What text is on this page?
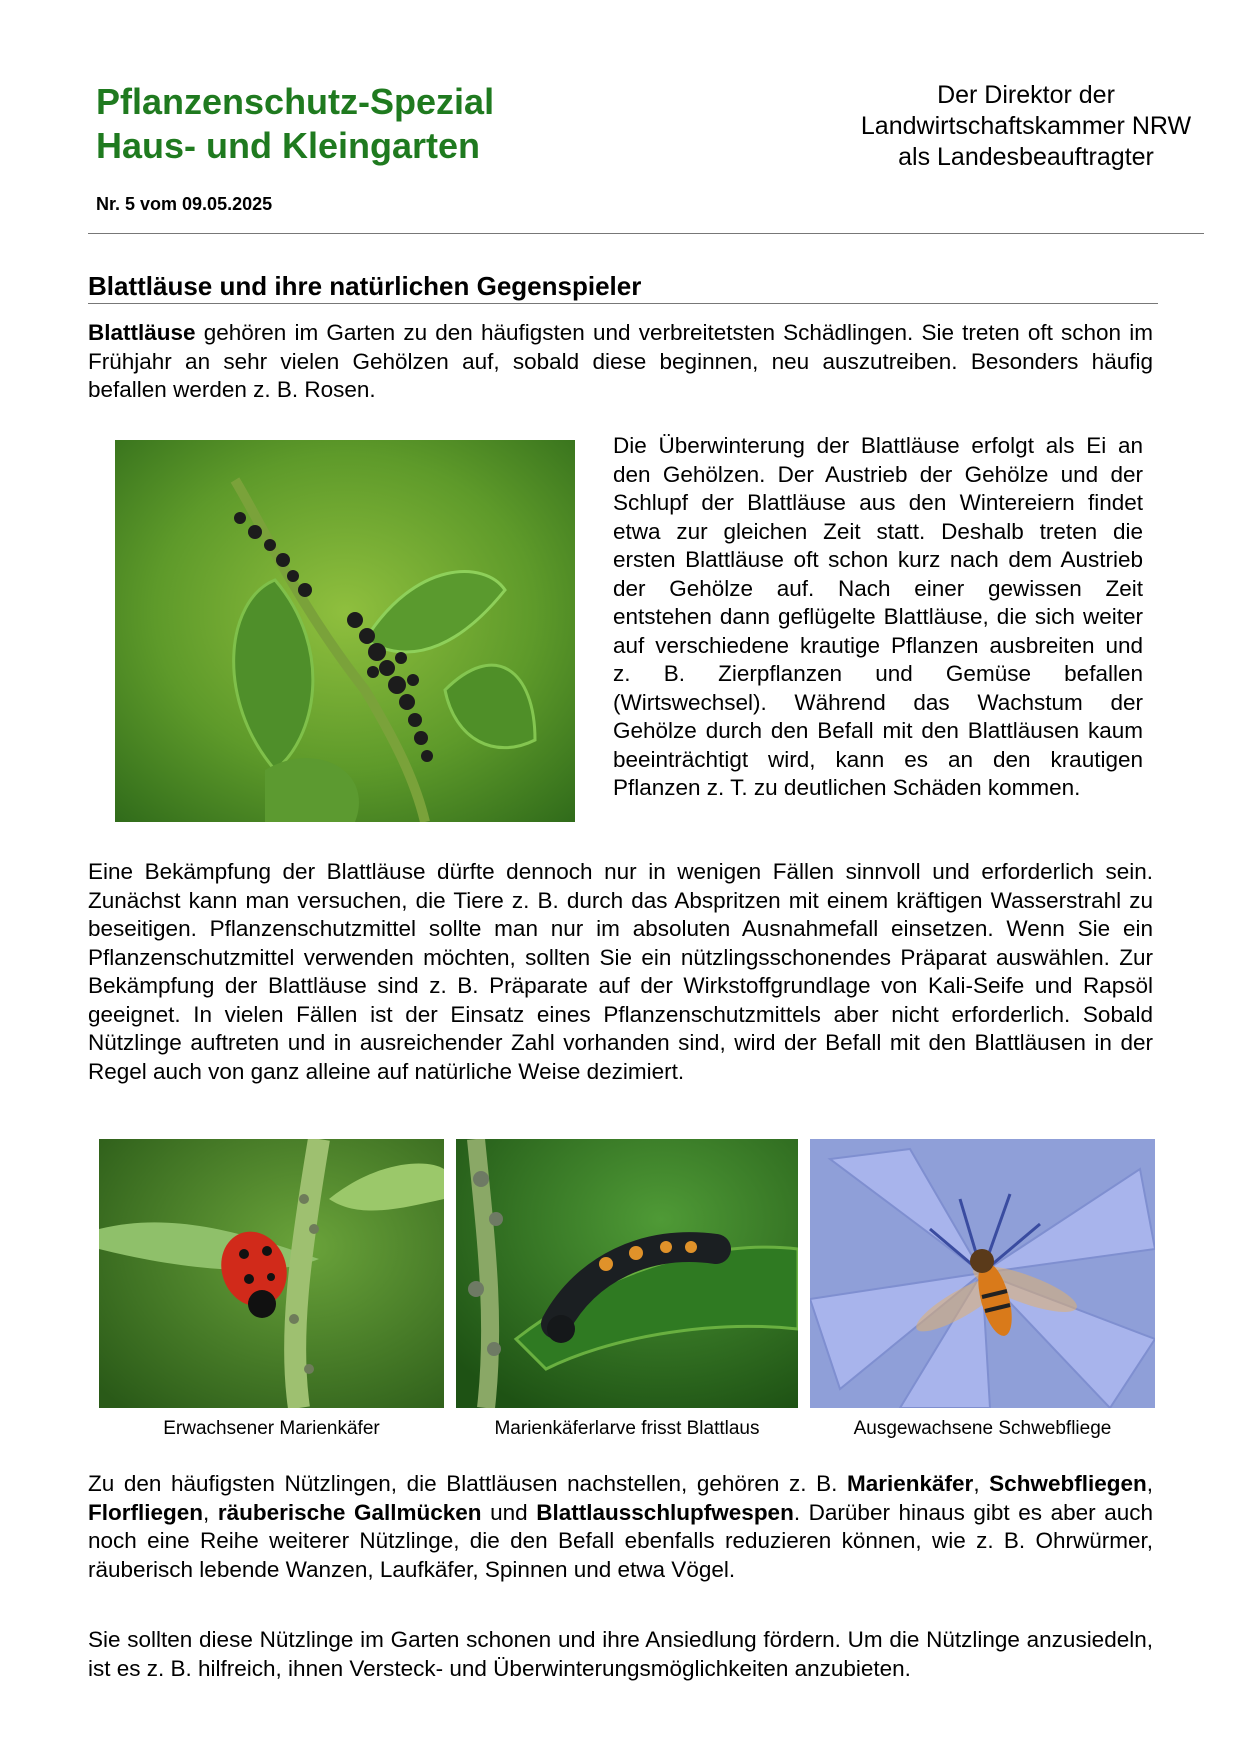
Pflanzenschutz-Spezial
Haus- und Kleingarten
Der Direktor der
Landwirtschaftskammer NRW
als Landesbeauftragter
Nr. 5 vom 09.05.2025
Blattläuse und ihre natürlichen Gegenspieler
Blattläuse gehören im Garten zu den häufigsten und verbreitetsten Schädlingen. Sie treten oft schon im Frühjahr an sehr vielen Gehölzen auf, sobald diese beginnen, neu auszutreiben. Besonders häufig befallen werden z. B. Rosen.
Die Überwinterung der Blattläuse erfolgt als Ei an den Gehölzen. Der Austrieb der Gehölze und der Schlupf der Blattläuse aus den Wintereiern findet etwa zur gleichen Zeit statt. Deshalb treten die ersten Blattläuse oft schon kurz nach dem Austrieb der Gehölze auf. Nach einer gewissen Zeit entstehen dann geflügelte Blattläuse, die sich weiter auf verschiedene krautige Pflanzen ausbreiten und z. B. Zierpflanzen und Gemüse befallen (Wirtswechsel). Während das Wachstum der Gehölze durch den Befall mit den Blattläusen kaum beeinträchtigt wird, kann es an den krautigen Pflanzen z. T. zu deutlichen Schäden kommen.
Eine Bekämpfung der Blattläuse dürfte dennoch nur in wenigen Fällen sinnvoll und erforderlich sein. Zunächst kann man versuchen, die Tiere z. B. durch das Abspritzen mit einem kräftigen Wasserstrahl zu beseitigen. Pflanzenschutzmittel sollte man nur im absoluten Ausnahmefall einsetzen. Wenn Sie ein Pflanzenschutzmittel verwenden möchten, sollten Sie ein nützlingsschonendes Präparat auswählen. Zur Bekämpfung der Blattläuse sind z. B. Präparate auf der Wirkstoffgrundlage von Kali-Seife und Rapsöl geeignet. In vielen Fällen ist der Einsatz eines Pflanzenschutzmittels aber nicht erforderlich. Sobald Nützlinge auftreten und in ausreichender Zahl vorhanden sind, wird der Befall mit den Blattläusen in der Regel auch von ganz alleine auf natürliche Weise dezimiert.
Erwachsener Marienkäfer	Marienkäferlarve frisst Blattlaus	Ausgewachsene Schwebfliege
Zu den häufigsten Nützlingen, die Blattläusen nachstellen, gehören z. B. Marienkäfer, Schwebfliegen, Florfliegen, räuberische Gallmücken und Blattlausschlupfwespen. Darüber hinaus gibt es aber auch noch eine Reihe weiterer Nützlinge, die den Befall ebenfalls reduzieren können, wie z. B. Ohrwürmer, räuberisch lebende Wanzen, Laufkäfer, Spinnen und etwa Vögel.
Sie sollten diese Nützlinge im Garten schonen und ihre Ansiedlung fördern. Um die Nützlinge anzusiedeln, ist es z. B. hilfreich, ihnen Versteck- und Überwinterungsmöglichkeiten anzubieten.
